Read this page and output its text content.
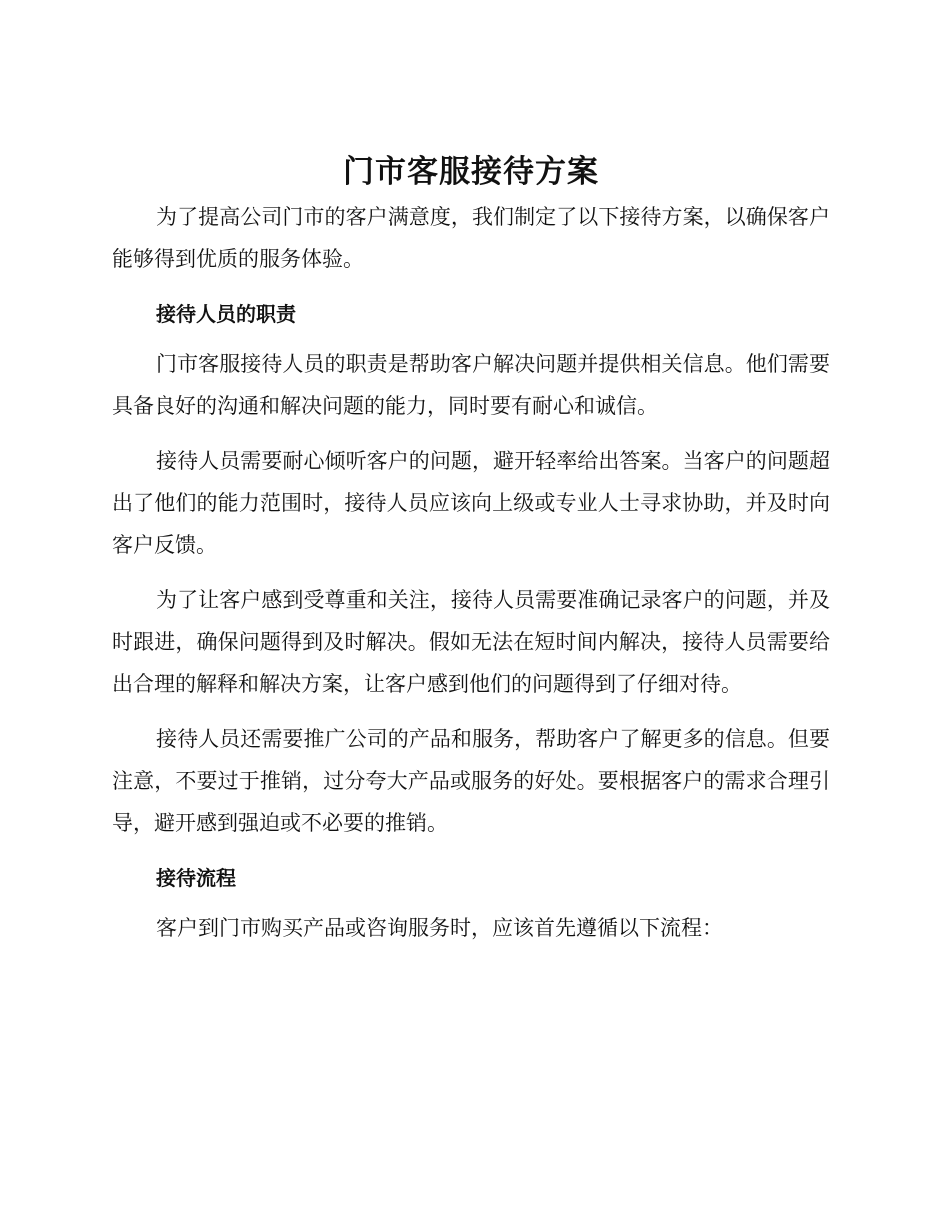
门市客服接待方案

为了提高公司门市的客户满意度，我们制定了以下接待方案，以确保客户能够得到优质的服务体验。

接待人员的职责

门市客服接待人员的职责是帮助客户解决问题并提供相关信息。他们需要具备良好的沟通和解决问题的能力，同时要有耐心和诚信。

接待人员需要耐心倾听客户的问题，避开轻率给出答案。当客户的问题超出了他们的能力范围时，接待人员应该向上级或专业人士寻求协助，并及时向客户反馈。

为了让客户感到受尊重和关注，接待人员需要准确记录客户的问题，并及时跟进，确保问题得到及时解决。假如无法在短时间内解决，接待人员需要给出合理的解释和解决方案，让客户感到他们的问题得到了仔细对待。

接待人员还需要推广公司的产品和服务，帮助客户了解更多的信息。但要注意，不要过于推销，过分夸大产品或服务的好处。要根据客户的需求合理引导，避开感到强迫或不必要的推销。

接待流程

客户到门市购买产品或咨询服务时，应该首先遵循以下流程：
